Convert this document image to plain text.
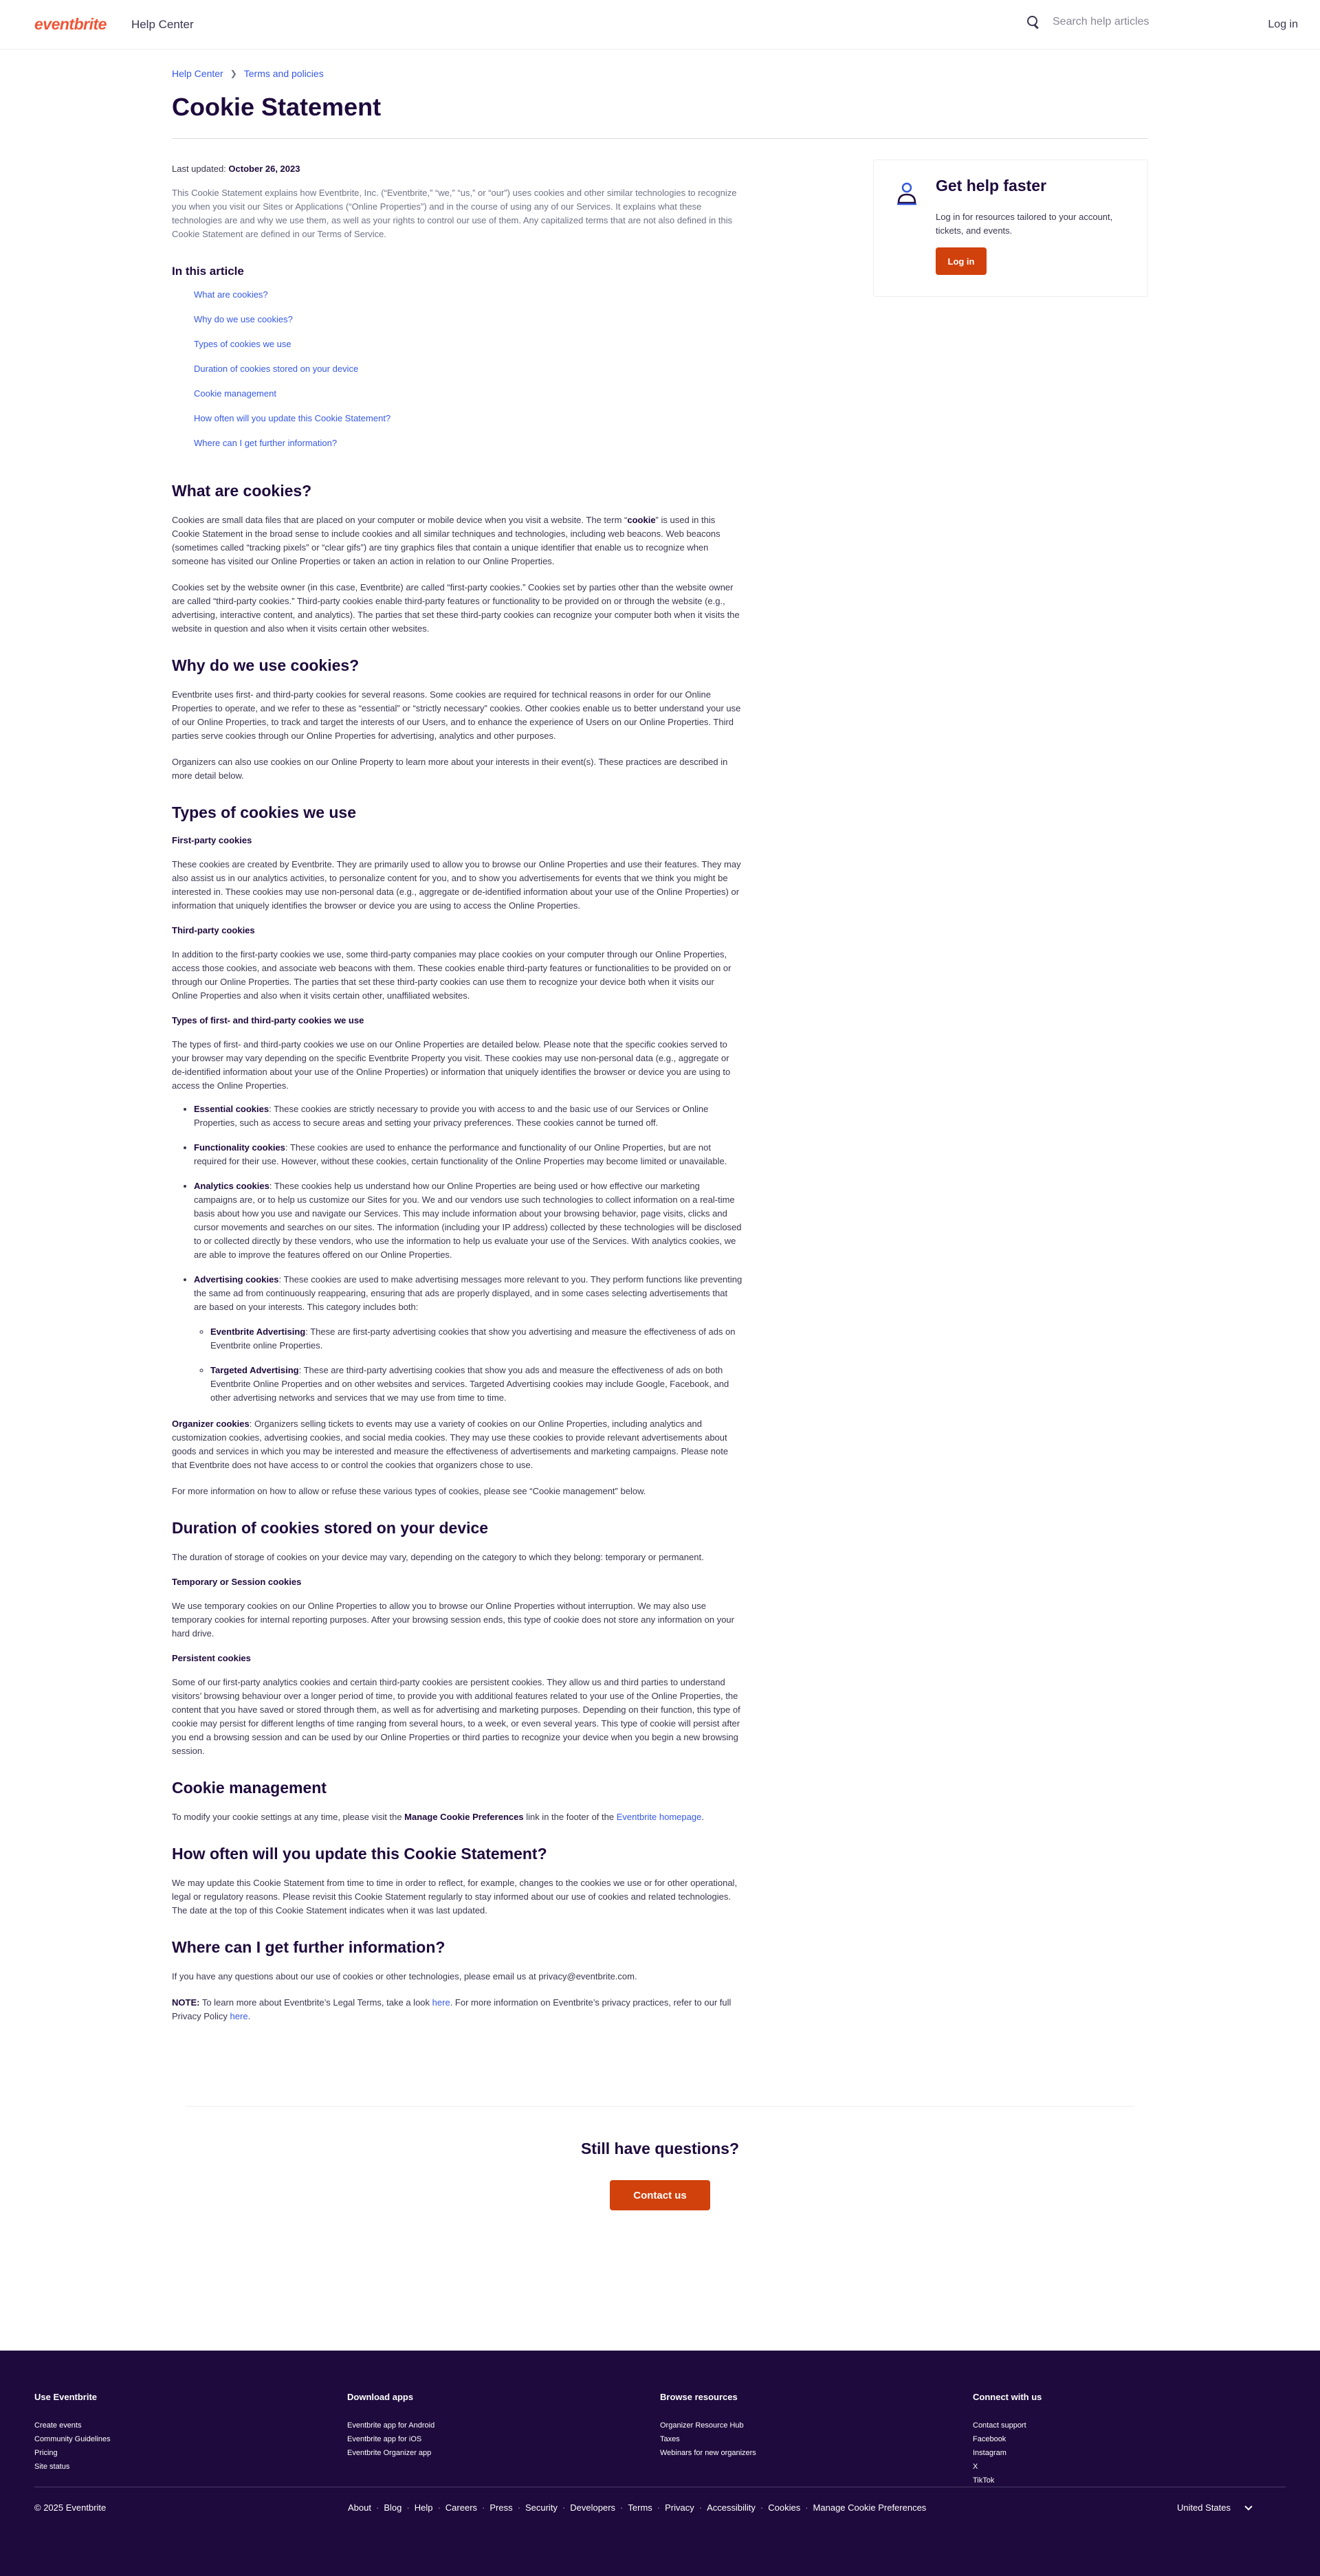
eventbrite Help Center
Search help articles	Log in
Help Center ❯ Terms and policies
Cookie Statement
Get help faster
Log in for resources tailored to your account, tickets, and events.
Log in
Last updated: October 26, 2023

This Cookie Statement explains how Eventbrite, Inc. (“Eventbrite,” “we,” “us,” or “our”) uses cookies and other similar technologies to recognize you when you visit our Sites or Applications (“Online Properties”) and in the course of using any of our Services. It explains what these technologies are and why we use them, as well as your rights to control our use of them. Any capitalized terms that are not also defined in this Cookie Statement are defined in our Terms of Service.

In this article
What are cookies?
Why do we use cookies?
Types of cookies we use
Duration of cookies stored on your device
Cookie management
How often will you update this Cookie Statement?
Where can I get further information?
What are cookies?

Cookies are small data files that are placed on your computer or mobile device when you visit a website. The term “cookie” is used in this Cookie Statement in the broad sense to include cookies and all similar techniques and technologies, including web beacons. Web beacons (sometimes called “tracking pixels” or “clear gifs”) are tiny graphics files that contain a unique identifier that enable us to recognize when someone has visited our Online Properties or taken an action in relation to our Online Properties.

Cookies set by the website owner (in this case, Eventbrite) are called “first-party cookies.” Cookies set by parties other than the website owner are called “third-party cookies.” Third-party cookies enable third-party features or functionality to be provided on or through the website (e.g., advertising, interactive content, and analytics). The parties that set these third-party cookies can recognize your computer both when it visits the website in question and also when it visits certain other websites.

Why do we use cookies?

Eventbrite uses first- and third-party cookies for several reasons. Some cookies are required for technical reasons in order for our Online Properties to operate, and we refer to these as “essential” or “strictly necessary” cookies. Other cookies enable us to better understand your use of our Online Properties, to track and target the interests of our Users, and to enhance the experience of Users on our Online Properties. Third parties serve cookies through our Online Properties for advertising, analytics and other purposes.

Organizers can also use cookies on our Online Property to learn more about your interests in their event(s). These practices are described in more detail below.

Types of cookies we use
First-party cookies

These cookies are created by Eventbrite. They are primarily used to allow you to browse our Online Properties and use their features. They may also assist us in our analytics activities, to personalize content for you, and to show you advertisements for events that we think you might be interested in. These cookies may use non-personal data (e.g., aggregate or de-identified information about your use of the Online Properties) or information that uniquely identifies the browser or device you are using to access the Online Properties.

Third-party cookies

In addition to the first-party cookies we use, some third-party companies may place cookies on your computer through our Online Properties, access those cookies, and associate web beacons with them. These cookies enable third-party features or functionalities to be provided on or through our Online Properties. The parties that set these third-party cookies can use them to recognize your device both when it visits our Online Properties and also when it visits certain other, unaffiliated websites.

Types of first- and third-party cookies we use

The types of first- and third-party cookies we use on our Online Properties are detailed below. Please note that the specific cookies served to your browser may vary depending on the specific Eventbrite Property you visit. These cookies may use non-personal data (e.g., aggregate or de-identified information about your use of the Online Properties) or information that uniquely identifies the browser or device you are using to access the Online Properties.

• Essential cookies: These cookies are strictly necessary to provide you with access to and the basic use of our Services or Online Properties, such as access to secure areas and setting your privacy preferences. These cookies cannot be turned off.
• Functionality cookies: These cookies are used to enhance the performance and functionality of our Online Properties, but are not required for their use. However, without these cookies, certain functionality of the Online Properties may become limited or unavailable.
• Analytics cookies: These cookies help us understand how our Online Properties are being used or how effective our marketing campaigns are, or to help us customize our Sites for you. We and our vendors use such technologies to collect information on a real-time basis about how you use and navigate our Services. This may include information about your browsing behavior, page visits, clicks and cursor movements and searches on our sites. The information (including your IP address) collected by these technologies will be disclosed to or collected directly by these vendors, who use the information to help us evaluate your use of the Services. With analytics cookies, we are able to improve the features offered on our Online Properties.
• Advertising cookies: These cookies are used to make advertising messages more relevant to you. They perform functions like preventing the same ad from continuously reappearing, ensuring that ads are properly displayed, and in some cases selecting advertisements that are based on your interests. This category includes both:
◦ Eventbrite Advertising: These are first-party advertising cookies that show you advertising and measure the effectiveness of ads on Eventbrite online Properties.
◦ Targeted Advertising: These are third-party advertising cookies that show you ads and measure the effectiveness of ads on both Eventbrite Online Properties and on other websites and services. Targeted Advertising cookies may include Google, Facebook, and other advertising networks and services that we may use from time to time.

Organizer cookies: Organizers selling tickets to events may use a variety of cookies on our Online Properties, including analytics and customization cookies, advertising cookies, and social media cookies. They may use these cookies to provide relevant advertisements about goods and services in which you may be interested and measure the effectiveness of advertisements and marketing campaigns. Please note that Eventbrite does not have access to or control the cookies that organizers chose to use.

For more information on how to allow or refuse these various types of cookies, please see “Cookie management” below.

Duration of cookies stored on your device

The duration of storage of cookies on your device may vary, depending on the category to which they belong: temporary or permanent.

Temporary or Session cookies

We use temporary cookies on our Online Properties to allow you to browse our Online Properties without interruption. We may also use temporary cookies for internal reporting purposes. After your browsing session ends, this type of cookie does not store any information on your hard drive.

Persistent cookies

Some of our first-party analytics cookies and certain third-party cookies are persistent cookies. They allow us and third parties to understand visitors’ browsing behaviour over a longer period of time, to provide you with additional features related to your use of the Online Properties, the content that you have saved or stored through them, as well as for advertising and marketing purposes. Depending on their function, this type of cookie may persist for different lengths of time ranging from several hours, to a week, or even several years. This type of cookie will persist after you end a browsing session and can be used by our Online Properties or third parties to recognize your device when you begin a new browsing session.

Cookie management

To modify your cookie settings at any time, please visit the Manage Cookie Preferences link in the footer of the Eventbrite homepage.

How often will you update this Cookie Statement?

We may update this Cookie Statement from time to time in order to reflect, for example, changes to the cookies we use or for other operational, legal or regulatory reasons. Please revisit this Cookie Statement regularly to stay informed about our use of cookies and related technologies. The date at the top of this Cookie Statement indicates when it was last updated.

Where can I get further information?

If you have any questions about our use of cookies or other technologies, please email us at privacy@eventbrite.com.

NOTE: To learn more about Eventbrite’s Legal Terms, take a look here. For more information on Eventbrite’s privacy practices, refer to our full Privacy Policy here.

Still have questions?
Contact us
Use Eventbrite
Create events
Community Guidelines
Pricing
Site status
Download apps
Eventbrite app for Android
Eventbrite app for iOS
Eventbrite Organizer app
Browse resources
Organizer Resource Hub
Taxes
Webinars for new organizers
Connect with us
Contact support
Facebook
Instagram
X
TikTok
© 2025 Eventbrite	About · Blog · Help · Careers · Press · Security · Developers · Terms · Privacy · Accessibility · Cookies · Manage Cookie Preferences	United States
